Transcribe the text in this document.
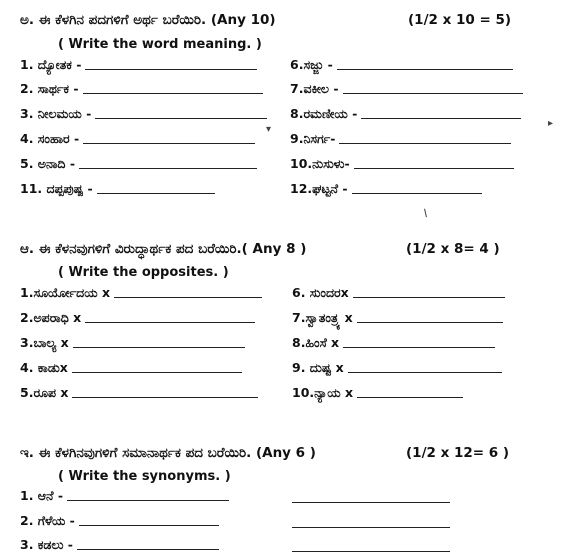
ಅ. ಈ ಕೆಳಗಿನ ಪದಗಳಿಗೆ ಅರ್ಥ ಬರೆಯಿರಿ. (Any 10)	(1/2 x 10 = 5)
( Write the word meaning. )
1. ದ್ಯೋತಕ -
2. ಸಾರ್ಥಕ -
3. ನೀಲಮಯ -
4. ಸಂಹಾರ -
5. ಅನಾದಿ -
11. ದಪ್ಪಪುಷ್ಪ -
6.ಸಜ್ಜು -
7.ವಕೀಲ -
8.ರಮಣೀಯ -
9.ನಿಸರ್ಗ-
10.ನುಸುಳು-
12.ಘಟ್ಟನೆ -
▾
▸
/
ಆ. ಈ ಕೆಳನವುಗಳಿಗೆ ವಿರುದ್ಧಾರ್ಥಕ ಪದ ಬರೆಯಿರಿ.( Any 8 )	(1/2 x 8= 4 )
( Write the opposites. )
1.ಸೂರ್ಯೋದಯ x
2.ಅಪರಾಧಿ x
3.ಬಾಲ್ಯ x
4. ಕಾಡುx
5.ರೂಪ x
6. ಸುಂದರx
7.ಸ್ವಾತಂತ್ರ್ಯ x
8.ಹಿಂಸೆ x
9. ದುಷ್ಟ x
10.ನ್ಯಾಯ x
ಇ. ಈ ಕೆಳಗಿನವುಗಳಿಗೆ ಸಮಾನಾರ್ಥಕ ಪದ ಬರೆಯಿರಿ. (Any 6 )	(1/2 x 12= 6 )
( Write the synonyms. )
1. ಆನೆ -
2. ಗೆಳೆಯ -
3. ಕಡಲು -
